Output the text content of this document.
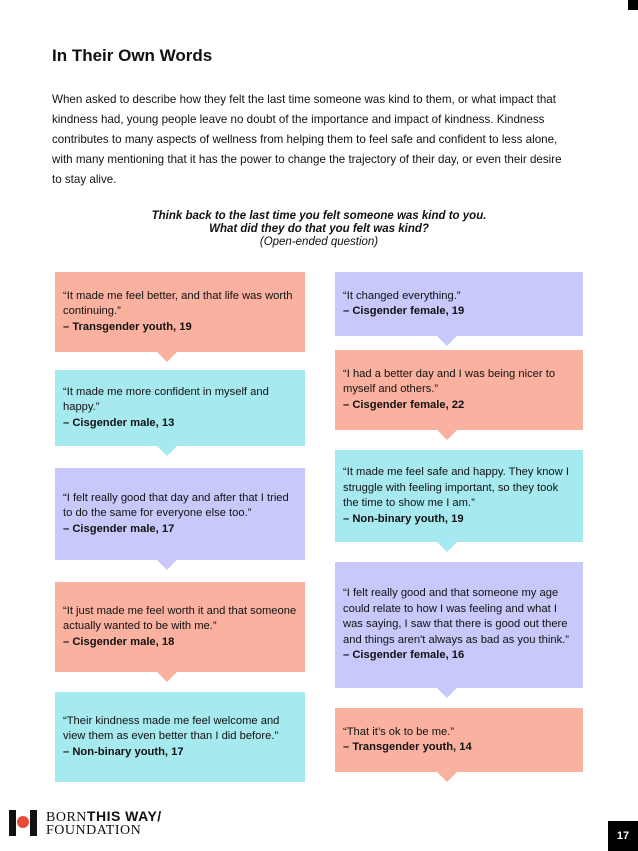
In Their Own Words

When asked to describe how they felt the last time someone was kind to them, or what impact that kindness had, young people leave no doubt of the importance and impact of kindness. Kindness contributes to many aspects of wellness from helping them to feel safe and confident to less alone, with many mentioning that it has the power to change the trajectory of their day, or even their desire to stay alive.

Think back to the last time you felt someone was kind to you.
What did they do that you felt was kind?
(Open-ended question)
“It made me feel better, and that life was worth continuing.”
– Transgender youth, 19
“It made me more confident in myself and happy.”
– Cisgender male, 13
“I felt really good that day and after that I tried to do the same for everyone else too.”
– Cisgender male, 17
“It just made me feel worth it and that someone actually wanted to be with me.”
– Cisgender male, 18
“Their kindness made me feel welcome and view them as even better than I did before.”
– Non-binary youth, 17
“It changed everything.”
– Cisgender female, 19
“I had a better day and I was being nicer to myself and others.”
– Cisgender female, 22
“It made me feel safe and happy. They know I struggle with feeling important, so they took the time to show me I am.”
– Non-binary youth, 19
“I felt really good and that someone my age could relate to how I was feeling and what I was saying, I saw that there is good out there and things aren't always as bad as you think.”
– Cisgender female, 16
“That it’s ok to be me.”
– Transgender youth, 14
BORNTHIS WAY/
FOUNDATION	17
